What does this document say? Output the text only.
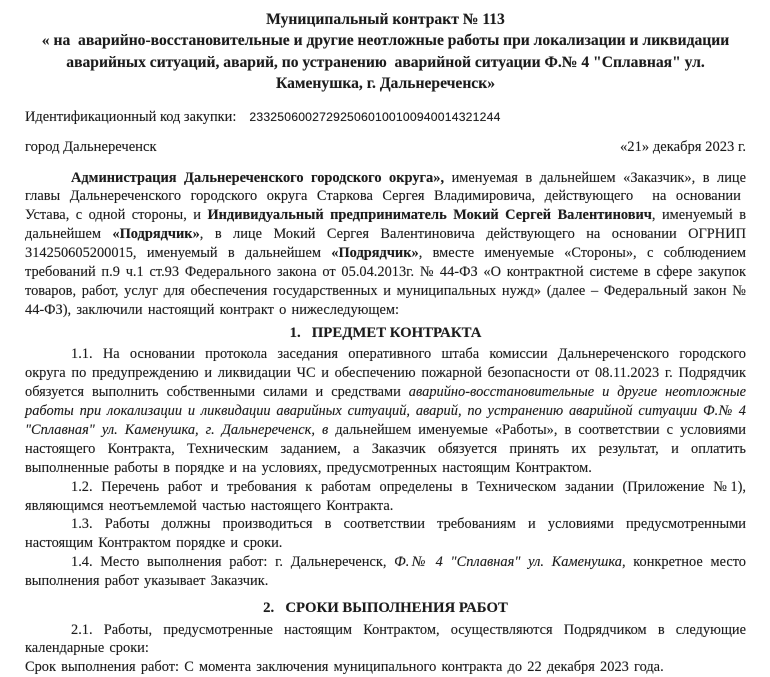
Муниципальный контракт № 113
« на  аварийно-восстановительные и другие неотложные работы при локализации и ликвидации аварийных ситуаций, аварий, по устранению  аварийной ситуации Ф.№ 4 "Сплавная" ул. Каменушка, г. Дальнереченск»
Идентификационный код закупки: 233250600272925060100100940014321244
город Дальнереченск	«21» декабря 2023 г.

Администрация Дальнереченского городского округа», именуемая в дальнейшем «Заказчик», в лице главы Дальнереченского городского округа Старкова Сергея Владимировича, действующего  на основании  Устава, с одной стороны, и Индивидуальный предприниматель Мокий Сергей Валентинович, именуемый в дальнейшем «Подрядчик», в лице Мокий Сергея Валентиновича действующего на основании ОГРНИП 314250605200015, именуемый в дальнейшем «Подрядчик», вместе именуемые «Стороны», с соблюдением требований п.9 ч.1 ст.93 Федерального закона от 05.04.2013г. № 44-ФЗ «О контрактной системе в сфере закупок товаров, работ, услуг для обеспечения государственных и муниципальных нужд» (далее – Федеральный закон № 44-ФЗ), заключили настоящий контракт о нижеследующем:

1.   ПРЕДМЕТ КОНТРАКТА

1.1. На основании протокола заседания оперативного штаба комиссии Дальнереченского городского округа по предупреждению и ликвидации ЧС и обеспечению пожарной безопасности от 08.11.2023 г. Подрядчик обязуется выполнить собственными силами и средствами аварийно-восстановительные и другие неотложные работы при локализации и ликвидации аварийных ситуаций, аварий, по устранению аварийной ситуации Ф.№ 4 "Сплавная" ул. Каменушка, г. Дальнереченск, в дальнейшем именуемые «Работы», в соответствии с условиями настоящего Контракта, Техническим заданием, а Заказчик обязуется принять их результат, и оплатить выполненные работы в порядке и на условиях, предусмотренных настоящим Контрактом.

1.2. Перечень работ и требования к работам определены в Техническом задании (Приложение №1), являющимся неотъемлемой частью настоящего Контракта.

1.3. Работы должны производиться в соответствии требованиям и условиями предусмотренными настоящим Контрактом порядке и сроки.

1.4. Место выполнения работ: г. Дальнереченск, Ф.№ 4 "Сплавная" ул. Каменушка, конкретное место выполнения работ указывает Заказчик.

2.   СРОКИ ВЫПОЛНЕНИЯ РАБОТ

2.1. Работы, предусмотренные настоящим Контрактом, осуществляются Подрядчиком в следующие календарные сроки:

Срок выполнения работ: С момента заключения муниципального контракта до 22 декабря 2023 года.
